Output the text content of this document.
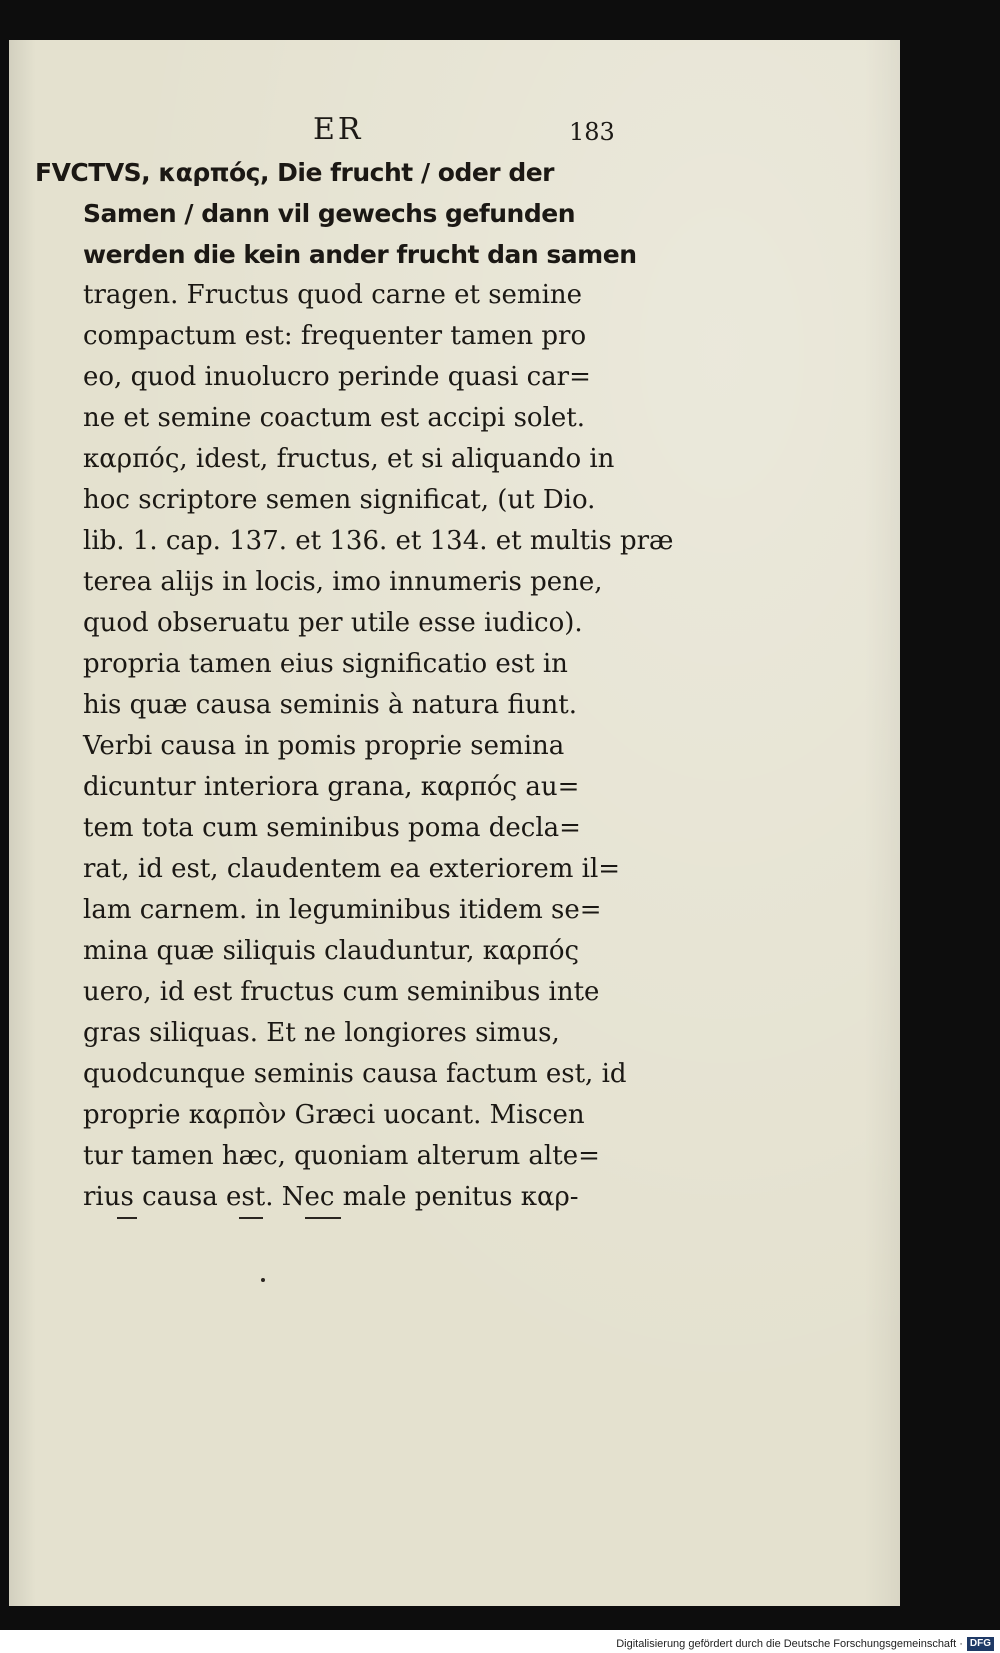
ER	183
FVCTVS, καρπός, Die frucht / oder der
Samen / dann vil gewechs gefunden
werden die kein ander frucht dan samen
tragen. Fructus quod carne et semine
compactum est: frequenter tamen pro
eo, quod inuolucro perinde quasi car=
ne et semine coactum est accipi solet.
καρπός, idest, fructus, et si aliquando in
hoc scriptore semen significat, (ut Dio.
lib. 1. cap. 137. et 136. et 134. et multis præ
terea alijs in locis, imo innumeris pene,
quod obseruatu per utile esse iudico).
propria tamen eius significatio est in
his quæ causa seminis à natura fiunt.
Verbi causa in pomis proprie semina
dicuntur interiora grana, καρπός au=
tem tota cum seminibus poma decla=
rat, id est, claudentem ea exteriorem il=
lam carnem. in leguminibus itidem se=
mina quæ siliquis clauduntur, καρπός
uero, id est fructus cum seminibus inte
gras siliquas. Et ne longiores simus,
quodcunque seminis causa factum est, id
proprie καρπὸν Græci uocant. Miscen
tur tamen hæc, quoniam alterum alte=
rius causa est. Nec male penitus καρ-
Digitalisierung gefördert durch die Deutsche Forschungsgemeinschaft · DFG
